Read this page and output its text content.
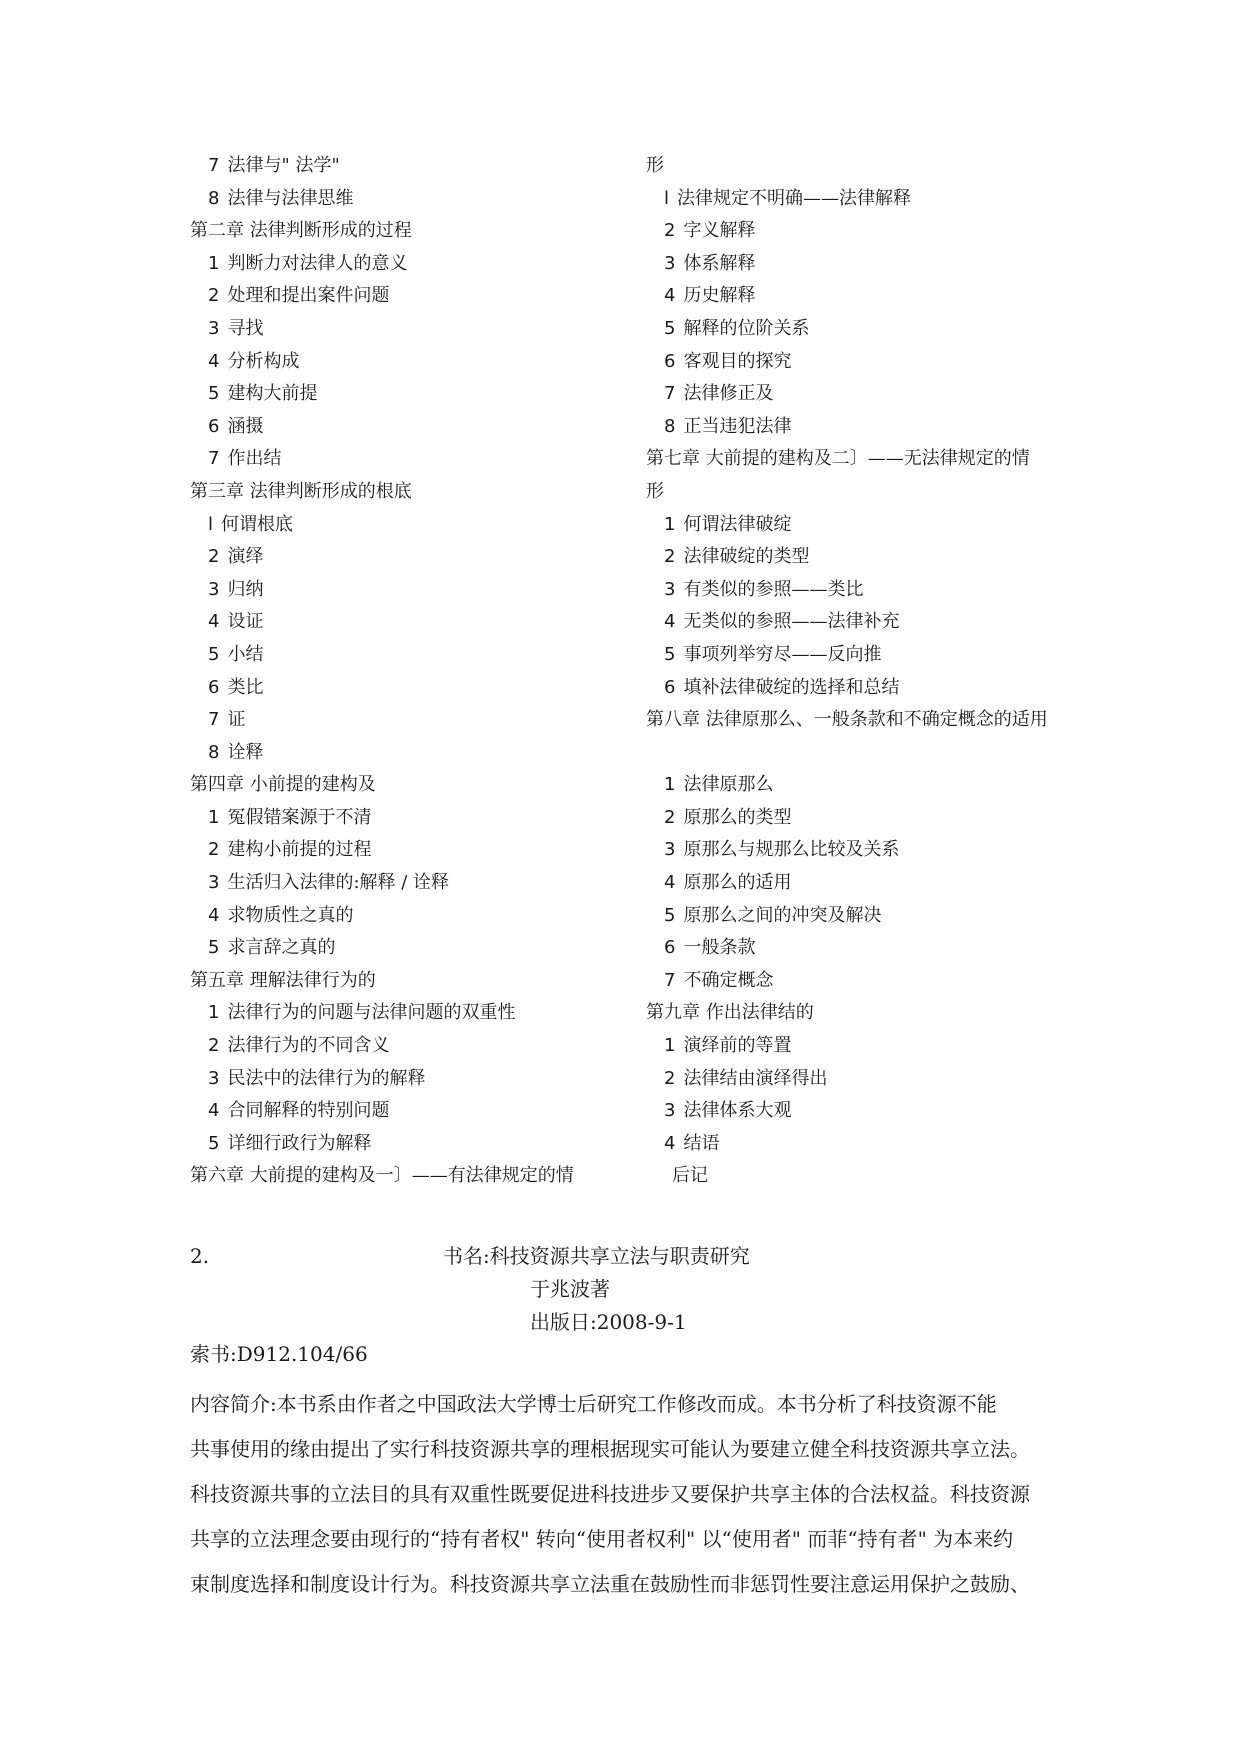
7 法律与" 法学"
8 法律与法律思维
第二章 法律判断形成的过程
1 判断力对法律人的意义
2 处理和提出案件问题
3 寻找
4 分析构成
5 建构大前提
6 涵摄
7 作出结
第三章 法律判断形成的根底
l 何谓根底
2 演绎
3 归纳
4 设证
5 小结
6 类比
7 证
8 诠释
第四章 小前提的建构及
1 冤假错案源于不清
2 建构小前提的过程
3 生活归入法律的:解释 / 诠释
4 求物质性之真的
5 求言辞之真的
第五章 理解法律行为的
1 法律行为的问题与法律问题的双重性
2 法律行为的不同含义
3 民法中的法律行为的解释
4 合同解释的特别问题
5 详细行政行为解释
第六章 大前提的建构及一〕——有法律规定的情
形
l 法律规定不明确——法律解释
2 字义解释
3 体系解释
4 历史解释
5 解释的位阶关系
6 客观目的探究
7 法律修正及
8 正当违犯法律
第七章 大前提的建构及二〕——无法律规定的情
形
1 何谓法律破绽
2 法律破绽的类型
3 有类似的参照——类比
4 无类似的参照——法律补充
5 事项列举穷尽——反向推
6 填补法律破绽的选择和总结
第八章 法律原那么、一般条款和不确定概念的适用
1 法律原那么
2 原那么的类型
3 原那么与规那么比较及关系
4 原那么的适用
5 原那么之间的冲突及解决
6 一般条款
7 不确定概念
第九章 作出法律结的
1 演绎前的等置
2 法律结由演绎得出
3 法律体系大观
4 结语
后记
2.	书名:科技资源共享立法与职责研究
于兆波著
出版日:2008-9-1
索书:D912.104/66
内容简介:本书系由作者之中国政法大学博士后研究工作修改而成。本书分析了科技资源不能
共事使用的缘由提出了实行科技资源共享的理根据现实可能认为要建立健全科技资源共享立法。
科技资源共事的立法目的具有双重性既要促进科技进步又要保护共享主体的合法权益。科技资源
共享的立法理念要由现行的“持有者权" 转向“使用者权利" 以“使用者" 而菲“持有者" 为本来约
束制度选择和制度设计行为。科技资源共享立法重在鼓励性而非惩罚性要注意运用保护之鼓励、
